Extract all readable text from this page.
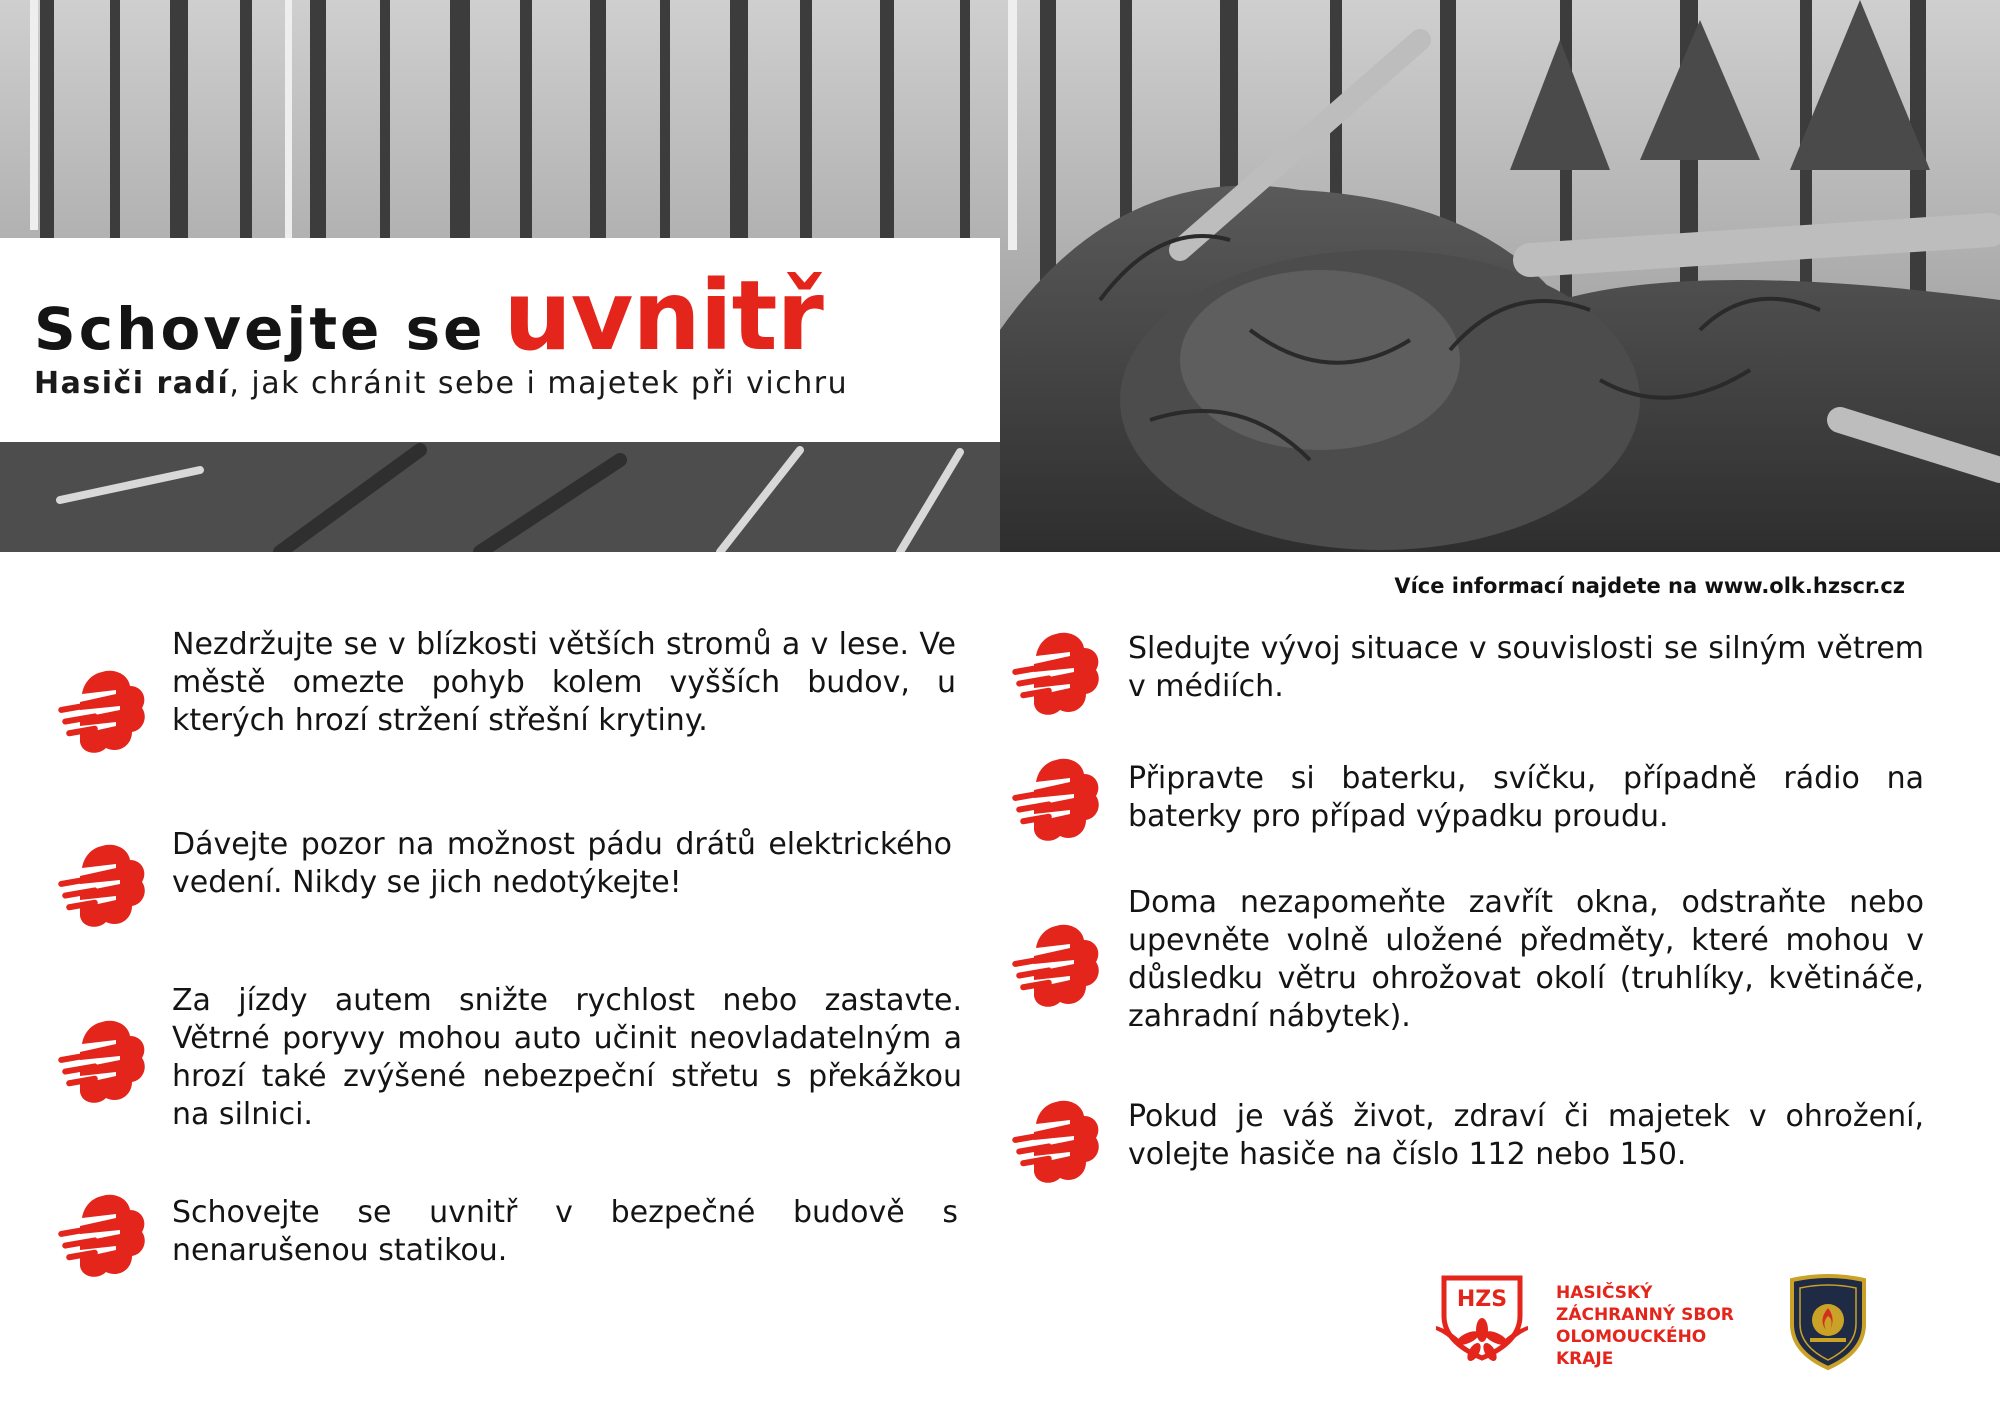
Schovejte se uvnitř
Hasiči radí, jak chránit sebe i majetek při vichru
Více informací najdete na www.olk.hzscr.cz
Nezdržujte se v blízkosti větších stromů a v lese. Ve městě omezte pohyb kolem vyšších budov, u kterých hrozí stržení střešní krytiny.
Dávejte pozor na možnost pádu drátů elektrického vedení. Nikdy se jich nedotýkejte!
Za jízdy autem snižte rychlost nebo zastavte. Větrné poryvy mohou auto učinit neovladatelným a hrozí také zvýšené nebezpeční střetu s překážkou na silnici.
Schovejte se uvnitř v bezpečné budově s nenarušenou statikou.
Sledujte vývoj situace v souvislosti se silným větrem v médiích.
Připravte si baterku, svíčku, případně rádio na baterky pro případ výpadku proudu.
Doma nezapomeňte zavřít okna, odstraňte nebo upevněte volně uložené předměty, které mohou v důsledku větru ohrožovat okolí (truhlíky, květináče, zahradní nábytek).
Pokud je váš život, zdraví či majetek v ohrožení, volejte hasiče na číslo 112 nebo 150.
HZS	HASIČSKÝ
ZÁCHRANNÝ SBOR
OLOMOUCKÉHO
KRAJE
